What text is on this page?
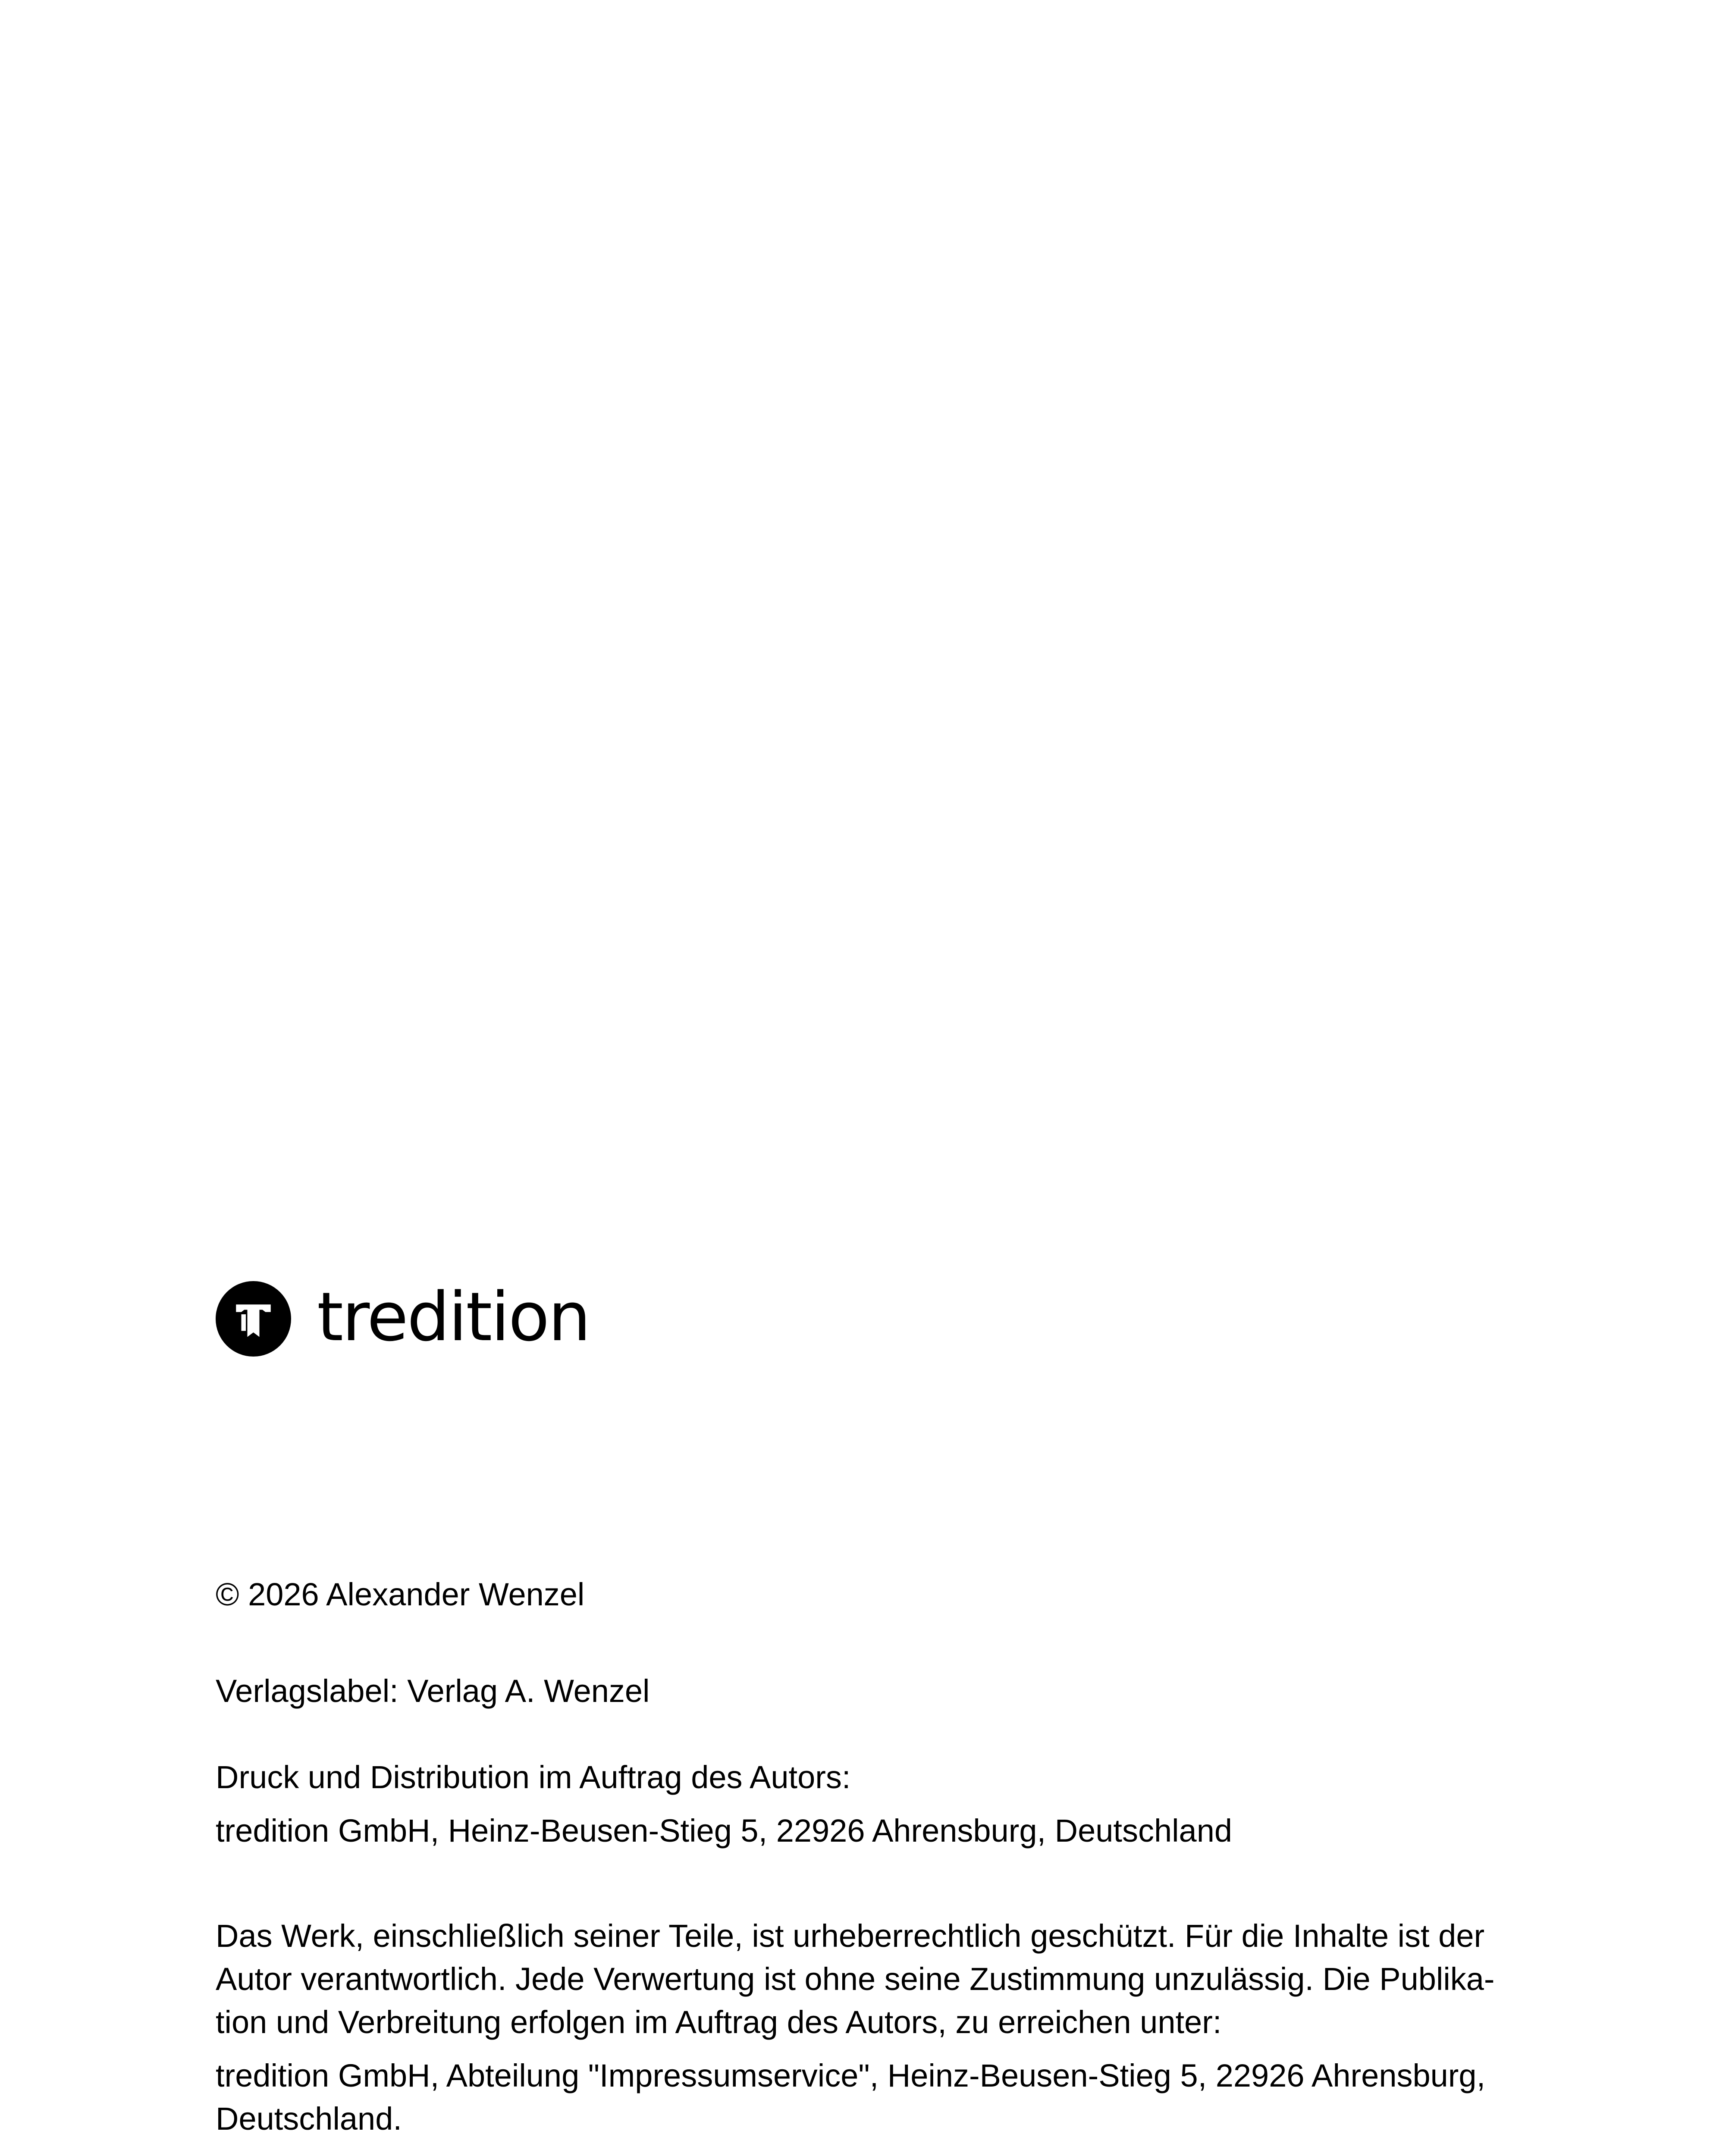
tredition

© 2026 Alexander Wenzel

Verlagslabel: Verlag A. Wenzel

Druck und Distribution im Auftrag des Autors:

tredition GmbH, Heinz-Beusen-Stieg 5, 22926 Ahrensburg, Deutschland

Das Werk, einschließlich seiner Teile, ist urheberrechtlich geschützt. Für die Inhalte ist der

Autor verantwortlich. Jede Verwertung ist ohne seine Zustimmung unzulässig. Die Publika-

tion und Verbreitung erfolgen im Auftrag des Autors, zu erreichen unter:

tredition GmbH, Abteilung "Impressumservice", Heinz-Beusen-Stieg 5, 22926 Ahrensburg,

Deutschland.
